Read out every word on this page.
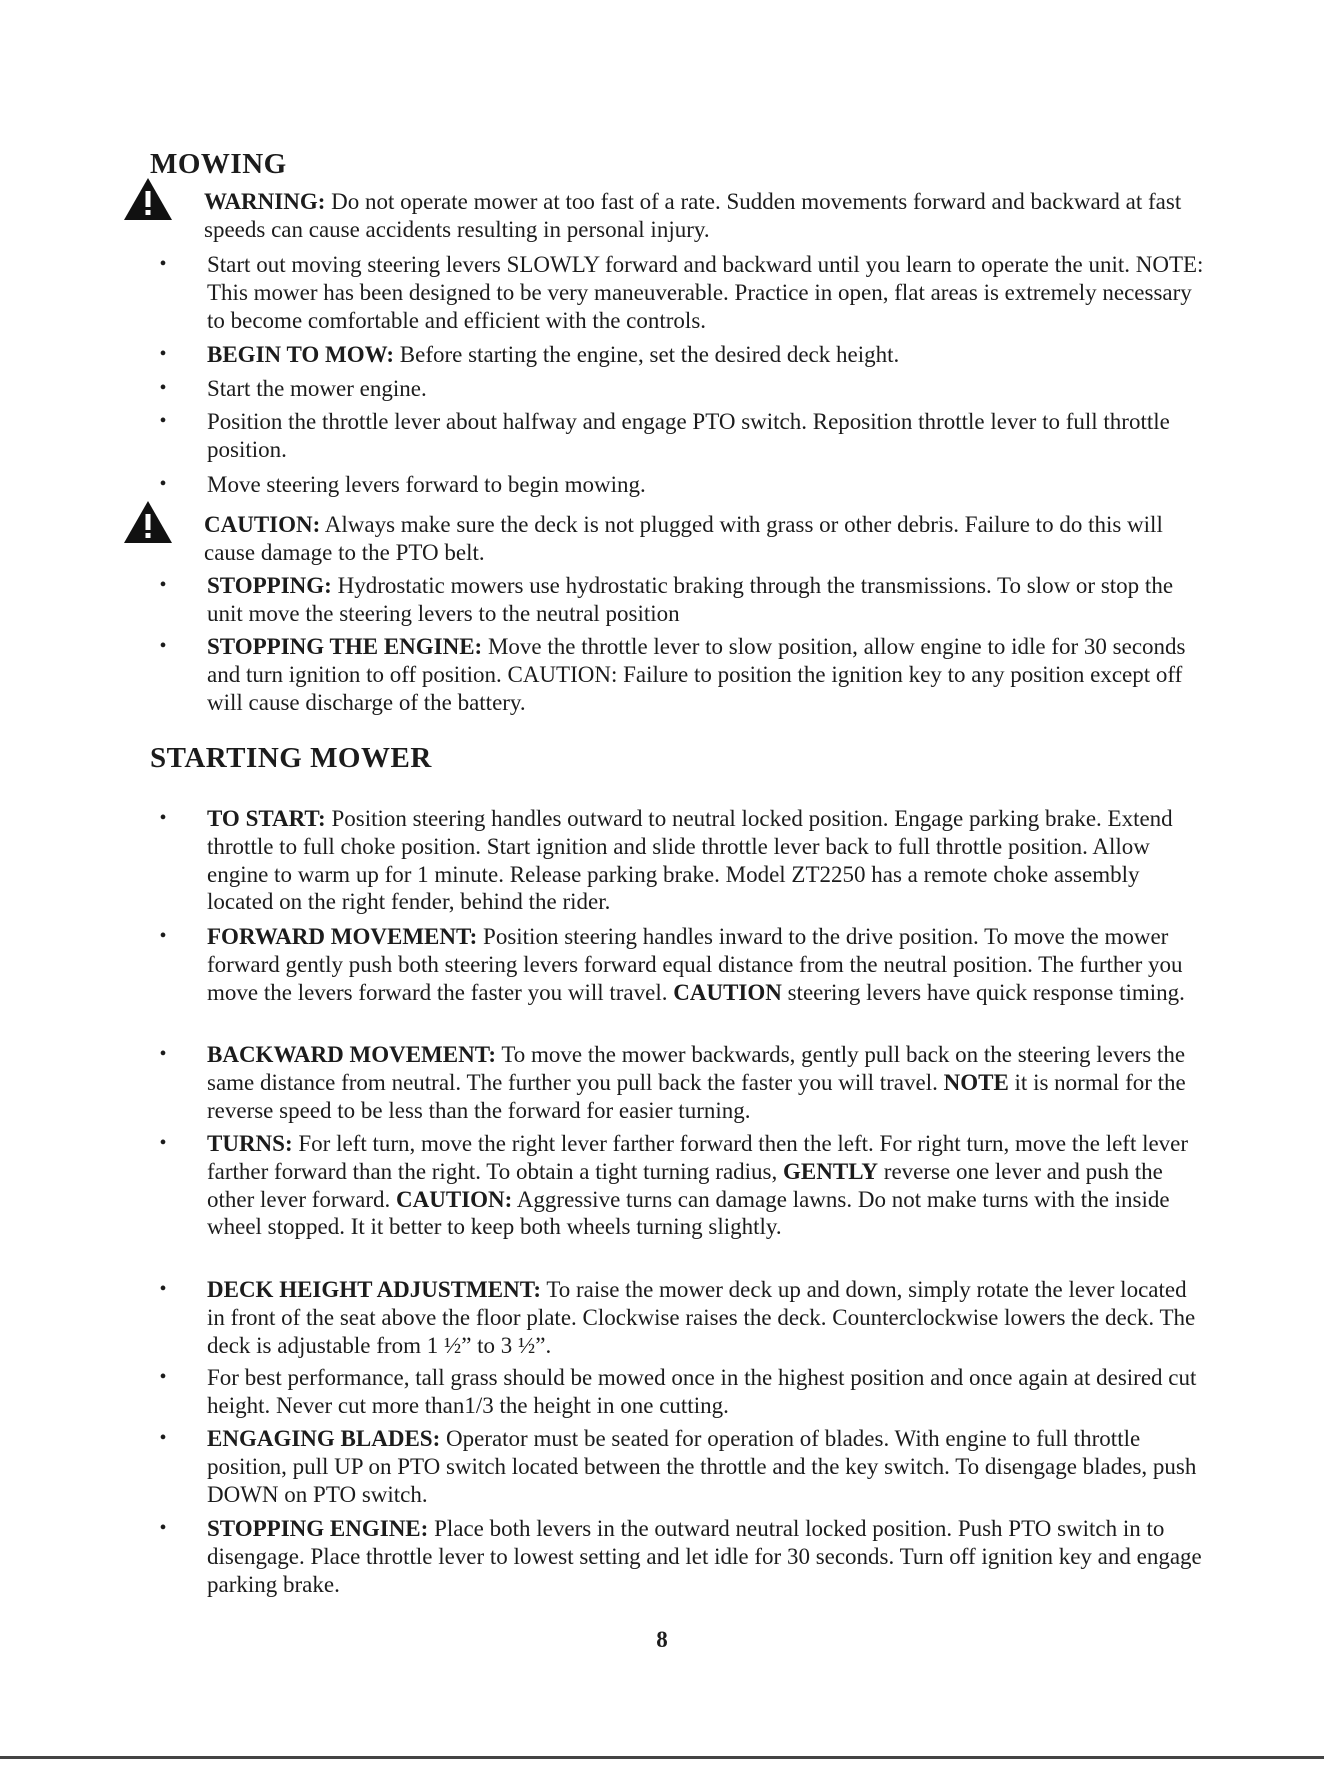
MOWING
WARNING: Do not operate mower at too fast of a rate. Sudden movements forward and backward at fast speeds can cause accidents resulting in personal injury.
• Start out moving steering levers SLOWLY forward and backward until you learn to operate the unit. NOTE: This mower has been designed to be very maneuverable. Practice in open, flat areas is extremely necessary to become comfortable and efficient with the controls.
• BEGIN TO MOW: Before starting the engine, set the desired deck height.
• Start the mower engine.
• Position the throttle lever about halfway and engage PTO switch. Reposition throttle lever to full throttle position.
• Move steering levers forward to begin mowing.
CAUTION: Always make sure the deck is not plugged with grass or other debris. Failure to do this will cause damage to the PTO belt.
• STOPPING: Hydrostatic mowers use hydrostatic braking through the transmissions. To slow or stop the unit move the steering levers to the neutral position
• STOPPING THE ENGINE: Move the throttle lever to slow position, allow engine to idle for 30 seconds and turn ignition to off position. CAUTION: Failure to position the ignition key to any position except off will cause discharge of the battery.
STARTING MOWER
• TO START: Position steering handles outward to neutral locked position. Engage parking brake. Extend throttle to full choke position. Start ignition and slide throttle lever back to full throttle position. Allow engine to warm up for 1 minute. Release parking brake. Model ZT2250 has a remote choke assembly located on the right fender, behind the rider.
• FORWARD MOVEMENT: Position steering handles inward to the drive position. To move the mower forward gently push both steering levers forward equal distance from the neutral position. The further you move the levers forward the faster you will travel. CAUTION steering levers have quick response timing.
• BACKWARD MOVEMENT: To move the mower backwards, gently pull back on the steering levers the same distance from neutral. The further you pull back the faster you will travel. NOTE it is normal for the reverse speed to be less than the forward for easier turning.
• TURNS: For left turn, move the right lever farther forward then the left. For right turn, move the left lever farther forward than the right. To obtain a tight turning radius, GENTLY reverse one lever and push the other lever forward. CAUTION: Aggressive turns can damage lawns. Do not make turns with the inside wheel stopped. It it better to keep both wheels turning slightly.
• DECK HEIGHT ADJUSTMENT: To raise the mower deck up and down, simply rotate the lever located in front of the seat above the floor plate. Clockwise raises the deck. Counterclockwise lowers the deck. The deck is adjustable from 1 ½” to 3 ½”.
• For best performance, tall grass should be mowed once in the highest position and once again at desired cut height. Never cut more than1/3 the height in one cutting.
• ENGAGING BLADES: Operator must be seated for operation of blades. With engine to full throttle position, pull UP on PTO switch located between the throttle and the key switch. To disengage blades, push DOWN on PTO switch.
• STOPPING ENGINE: Place both levers in the outward neutral locked position. Push PTO switch in to disengage. Place throttle lever to lowest setting and let idle for 30 seconds. Turn off ignition key and engage parking brake.
8
